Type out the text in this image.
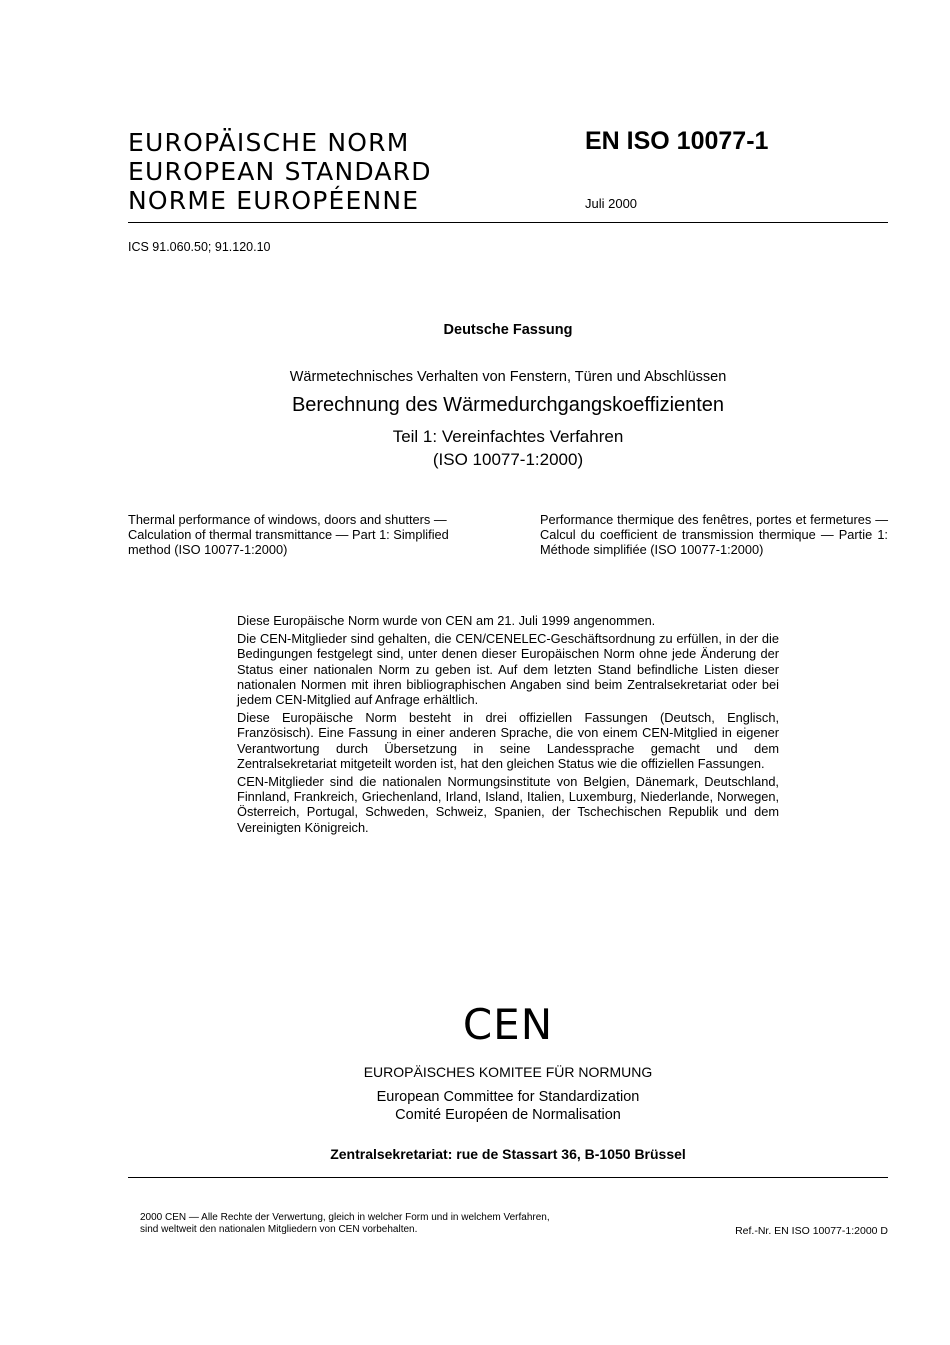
EUROPÄISCHE NORM
EUROPEAN STANDARD
NORME EUROPÉENNE
EN ISO 10077-1
Juli 2000
ICS 91.060.50; 91.120.10
Deutsche Fassung
Wärmetechnisches Verhalten von Fenstern, Türen und Abschlüssen
Berechnung des Wärmedurchgangskoeffizienten
Teil 1: Vereinfachtes Verfahren
(ISO 10077-1:2000)
Thermal performance of windows, doors and shutters — Calculation of thermal transmittance — Part 1: Simplified method (ISO 10077-1:2000)
Performance thermique des fenêtres, portes et fermetures — Calcul du coefficient de transmission thermique — Partie 1: Méthode simplifiée (ISO 10077-1:2000)

Diese Europäische Norm wurde von CEN am 21. Juli 1999 angenommen.

Die CEN-Mitglieder sind gehalten, die CEN/CENELEC-Geschäftsordnung zu erfüllen, in der die Bedingungen festgelegt sind, unter denen dieser Europäischen Norm ohne jede Änderung der Status einer nationalen Norm zu geben ist. Auf dem letzten Stand befindliche Listen dieser nationalen Normen mit ihren bibliographischen Angaben sind beim Zentralsekretariat oder bei jedem CEN-Mitglied auf Anfrage erhältlich.

Diese Europäische Norm besteht in drei offiziellen Fassungen (Deutsch, Englisch, Französisch). Eine Fassung in einer anderen Sprache, die von einem CEN-Mitglied in eigener Verantwortung durch Übersetzung in seine Landessprache gemacht und dem Zentralsekretariat mitgeteilt worden ist, hat den gleichen Status wie die offiziellen Fassungen.

CEN-Mitglieder sind die nationalen Normungsinstitute von Belgien, Dänemark, Deutschland, Finnland, Frankreich, Griechenland, Irland, Island, Italien, Luxemburg, Niederlande, Norwegen, Österreich, Portugal, Schweden, Schweiz, Spanien, der Tschechischen Republik und dem Vereinigten Königreich.

CEN
EUROPÄISCHES KOMITEE FÜR NORMUNG
European Committee for Standardization
Comité Européen de Normalisation
Zentralsekretariat: rue de Stassart 36, B-1050 Brüssel
2000 CEN — Alle Rechte der Verwertung, gleich in welcher Form und in welchem Verfahren,
sind weltweit den nationalen Mitgliedern von CEN vorbehalten.	Ref.-Nr. EN ISO 10077-1:2000 D
